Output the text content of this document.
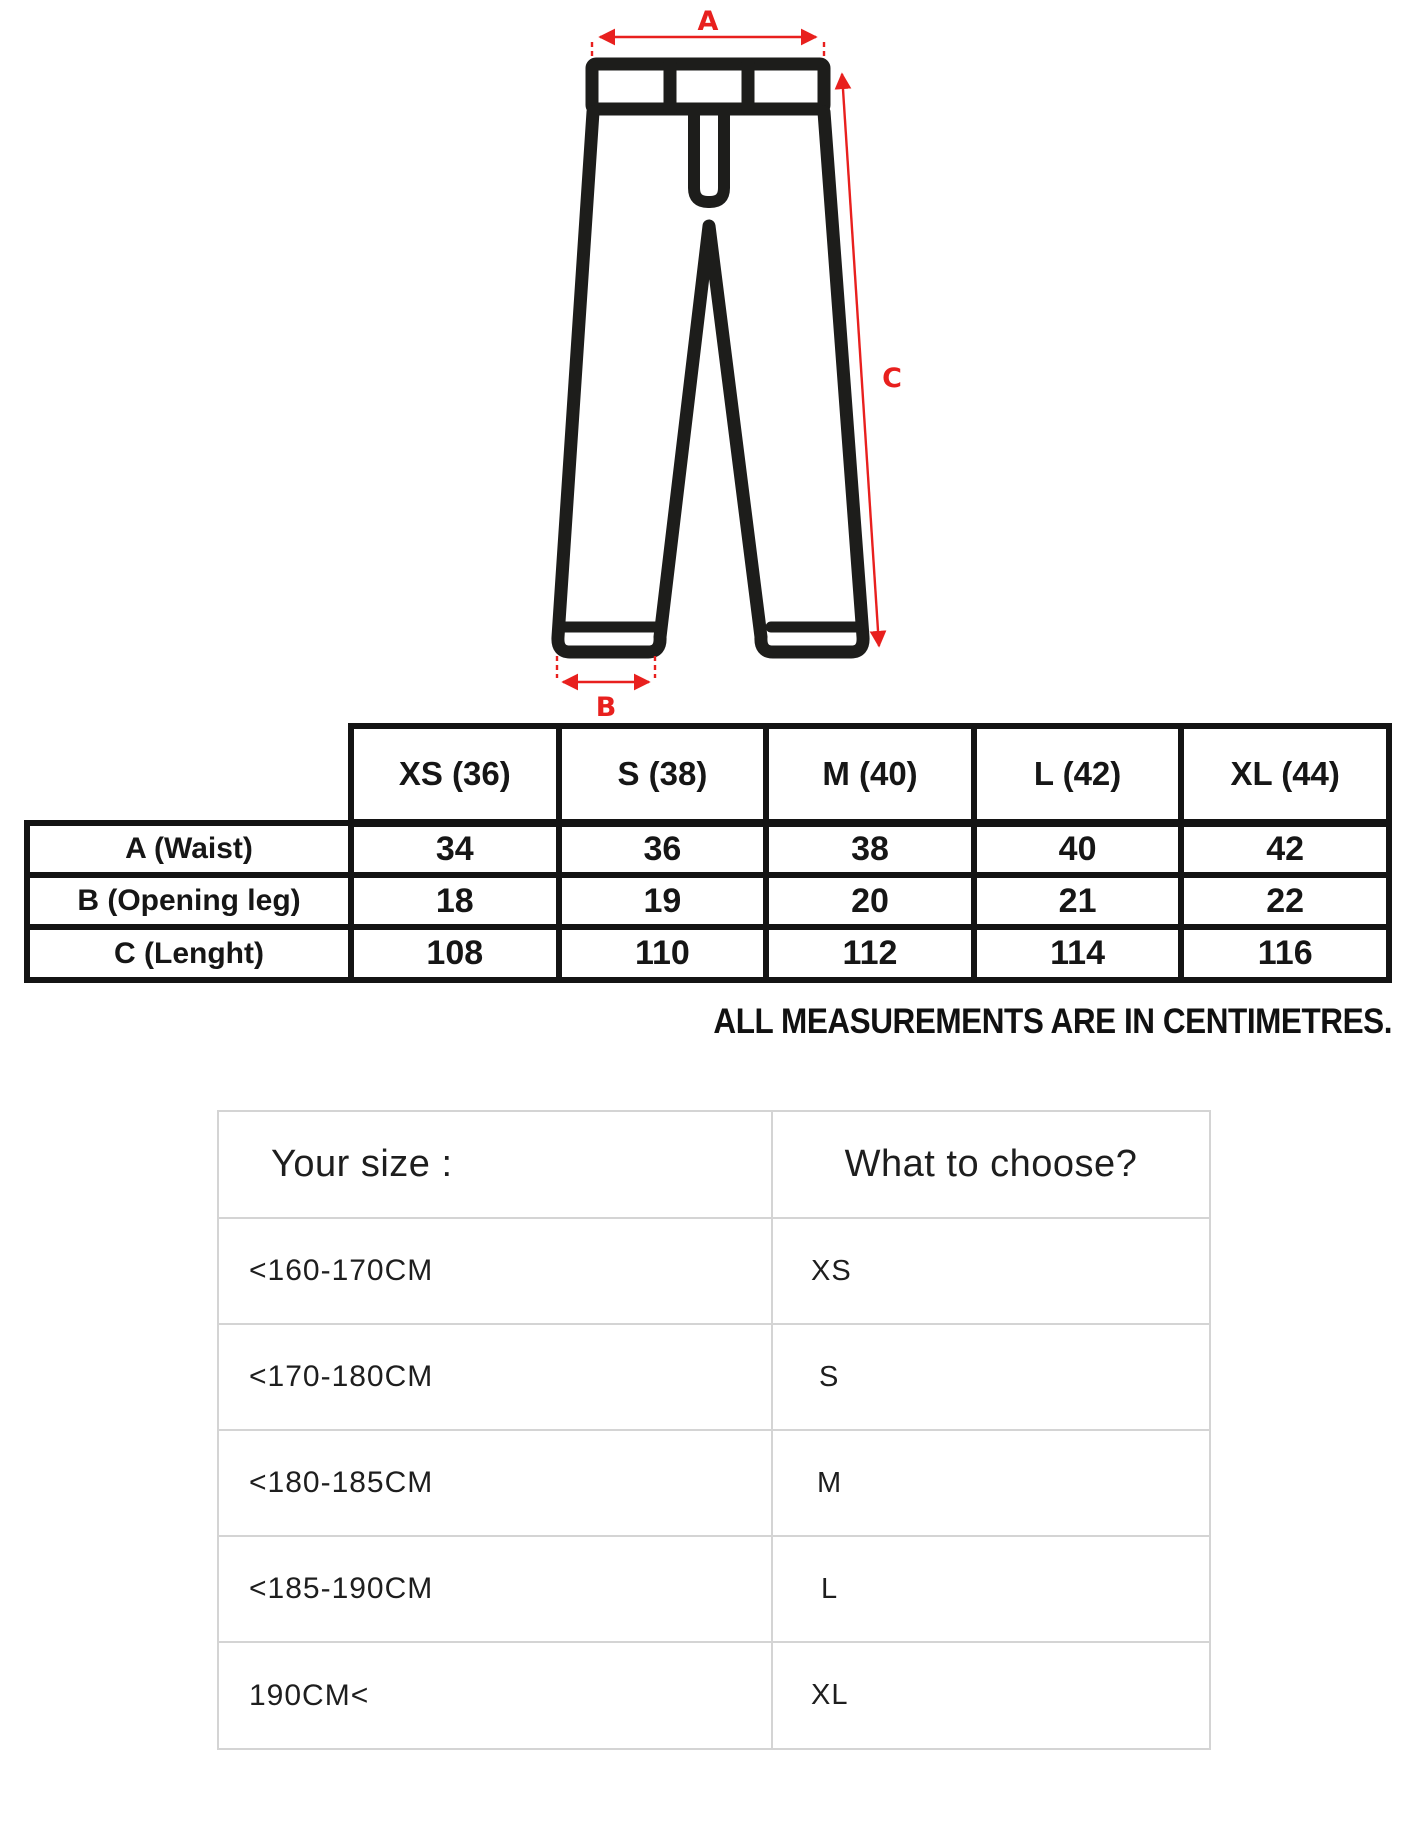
A
C
B
	XS (36)	S (38)	M (40)	L (42)	XL (44)
A (Waist)	34	36	38	40	42
B (Opening leg)	18	19	20	21	22
C (Lenght)	108	110	112	114	116
ALL MEASUREMENTS ARE IN CENTIMETRES.
Your size :	What to choose?
<160-170CM	XS
<170-180CM	S
<180-185CM	M
<185-190CM	L
190CM<	XL
